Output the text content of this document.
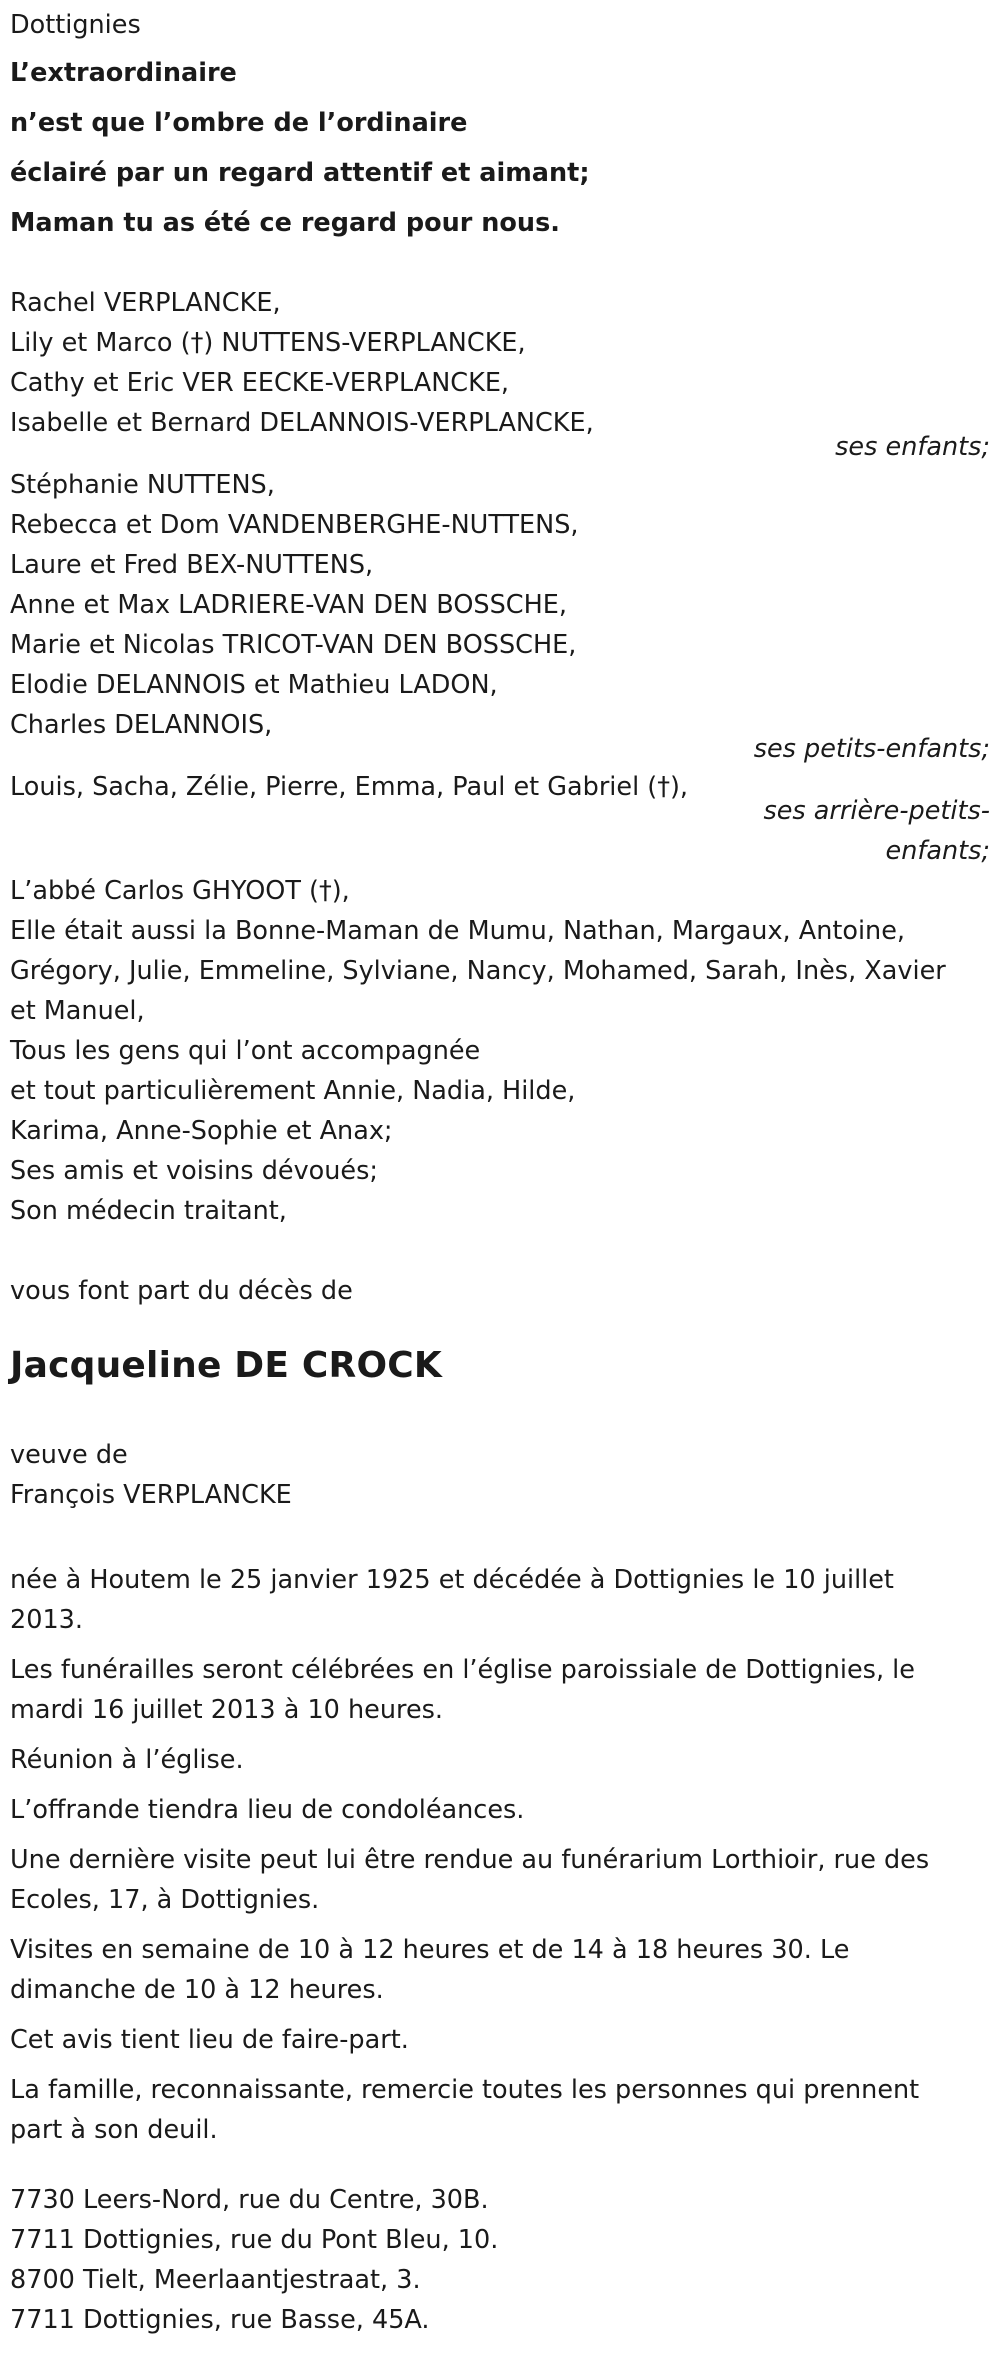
Dottignies
L’extraordinaire
n’est que l’ombre de l’ordinaire
éclairé par un regard attentif et aimant;
Maman tu as été ce regard pour nous.
Rachel VERPLANCKE,
Lily et Marco (†) NUTTENS-VERPLANCKE,
Cathy et Eric VER EECKE-VERPLANCKE,
Isabelle et Bernard DELANNOIS-VERPLANCKE,
ses enfants;
Stéphanie NUTTENS,
Rebecca et Dom VANDENBERGHE-NUTTENS,
Laure et Fred BEX-NUTTENS,
Anne et Max LADRIERE-VAN DEN BOSSCHE,
Marie et Nicolas TRICOT-VAN DEN BOSSCHE,
Elodie DELANNOIS et Mathieu LADON,
Charles DELANNOIS,
ses petits-enfants;
Louis, Sacha, Zélie, Pierre, Emma, Paul et Gabriel (†),
ses arrière-petits-
enfants;
L’abbé Carlos GHYOOT (†),
Elle était aussi la Bonne-Maman de Mumu, Nathan, Margaux, Antoine,
Grégory, Julie, Emmeline, Sylviane, Nancy, Mohamed, Sarah, Inès, Xavier
et Manuel,
Tous les gens qui l’ont accompagnée
et tout particulièrement Annie, Nadia, Hilde,
Karima, Anne-Sophie et Anax;
Ses amis et voisins dévoués;
Son médecin traitant,
vous font part du décès de
Jacqueline DE CROCK
veuve de
François VERPLANCKE
née à Houtem le 25 janvier 1925 et décédée à Dottignies le 10 juillet 2013.
Les funérailles seront célébrées en l’église paroissiale de Dottignies, le mardi 16 juillet 2013 à 10 heures.
Réunion à l’église.
L’offrande tiendra lieu de condoléances.
Une dernière visite peut lui être rendue au funérarium Lorthioir, rue des Ecoles, 17, à Dottignies.
Visites en semaine de 10 à 12 heures et de 14 à 18 heures 30. Le dimanche de 10 à 12 heures.
Cet avis tient lieu de faire-part.
La famille, reconnaissante, remercie toutes les personnes qui prennent part à son deuil.
7730 Leers-Nord, rue du Centre, 30B.
7711 Dottignies, rue du Pont Bleu, 10.
8700 Tielt, Meerlaantjestraat, 3.
7711 Dottignies, rue Basse, 45A.
